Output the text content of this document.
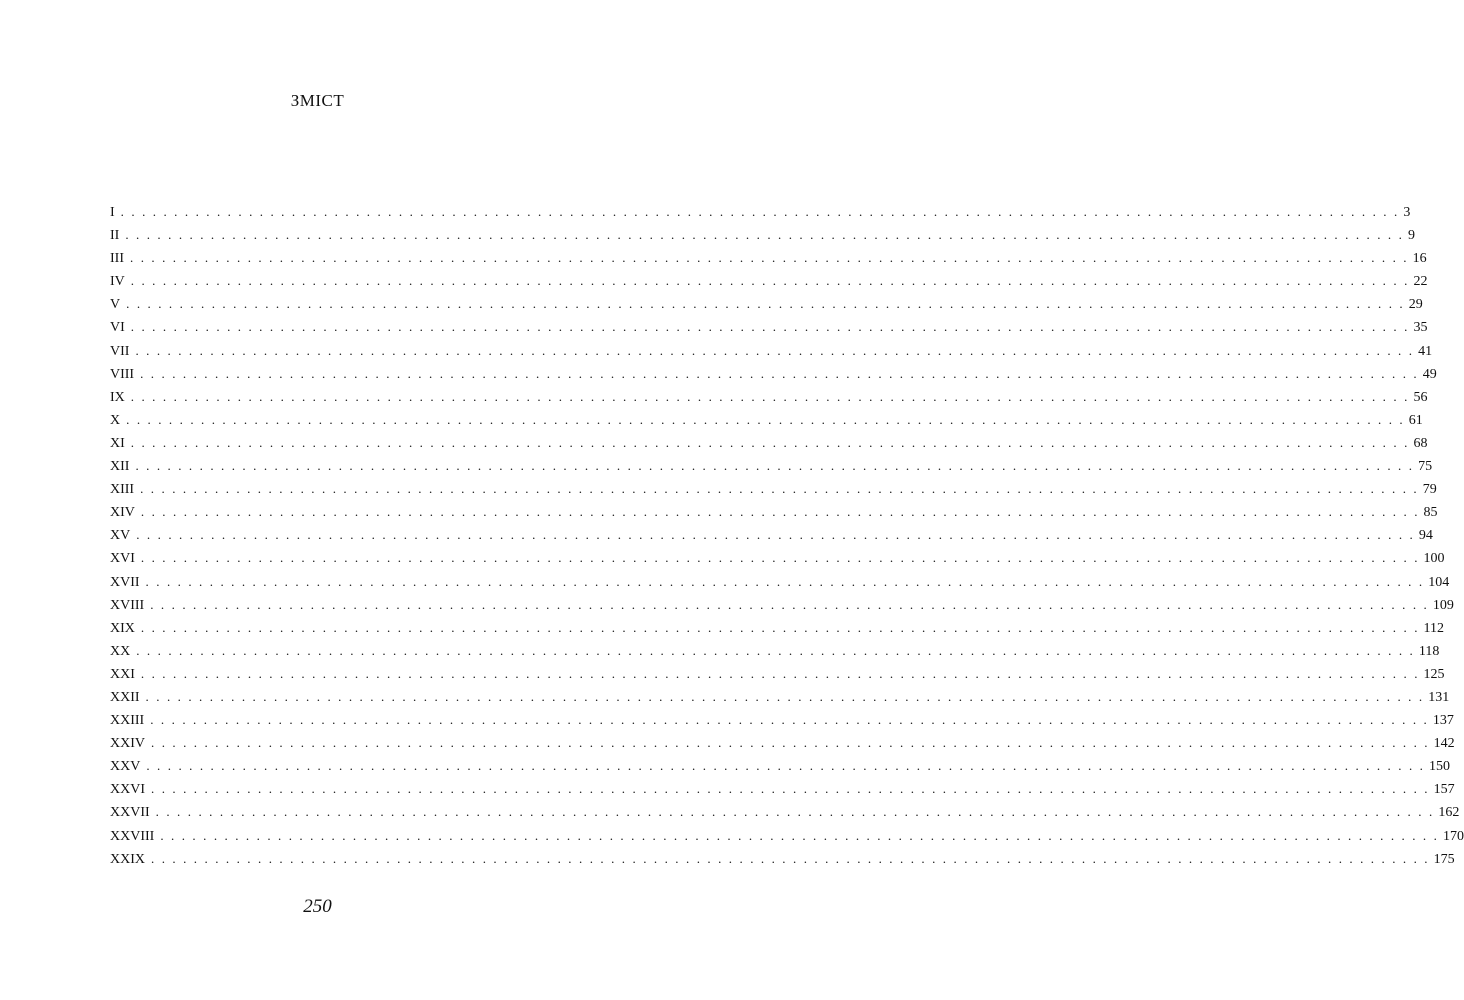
ЗМІСТ
I . . . . . . . . . . . . . . . . . . . . . . . . . . . . . . . . . . . . . . . . . . . . . . . . . . . . . . . . . . . . . . . . . . . . . . . . . . . . . . . . . . . . . . . . . . . . . . . . . . . . . . . . . . . . . . . . . . . . . . . . 3
II . . . . . . . . . . . . . . . . . . . . . . . . . . . . . . . . . . . . . . . . . . . . . . . . . . . . . . . . . . . . . . . . . . . . . . . . . . . . . . . . . . . . . . . . . . . . . . . . . . . . . . . . . . . . . . . . . . . . . . . . 9
III . . . . . . . . . . . . . . . . . . . . . . . . . . . . . . . . . . . . . . . . . . . . . . . . . . . . . . . . . . . . . . . . . . . . . . . . . . . . . . . . . . . . . . . . . . . . . . . . . . . . . . . . . . . . . . . . . . . . . . . . 16
IV . . . . . . . . . . . . . . . . . . . . . . . . . . . . . . . . . . . . . . . . . . . . . . . . . . . . . . . . . . . . . . . . . . . . . . . . . . . . . . . . . . . . . . . . . . . . . . . . . . . . . . . . . . . . . . . . . . . . . . . . 22
V . . . . . . . . . . . . . . . . . . . . . . . . . . . . . . . . . . . . . . . . . . . . . . . . . . . . . . . . . . . . . . . . . . . . . . . . . . . . . . . . . . . . . . . . . . . . . . . . . . . . . . . . . . . . . . . . . . . . . . . . 29
VI . . . . . . . . . . . . . . . . . . . . . . . . . . . . . . . . . . . . . . . . . . . . . . . . . . . . . . . . . . . . . . . . . . . . . . . . . . . . . . . . . . . . . . . . . . . . . . . . . . . . . . . . . . . . . . . . . . . . . . . . 35
VII . . . . . . . . . . . . . . . . . . . . . . . . . . . . . . . . . . . . . . . . . . . . . . . . . . . . . . . . . . . . . . . . . . . . . . . . . . . . . . . . . . . . . . . . . . . . . . . . . . . . . . . . . . . . . . . . . . . . . . . . 41
VIII . . . . . . . . . . . . . . . . . . . . . . . . . . . . . . . . . . . . . . . . . . . . . . . . . . . . . . . . . . . . . . . . . . . . . . . . . . . . . . . . . . . . . . . . . . . . . . . . . . . . . . . . . . . . . . . . . . . . . . . . 49
IX . . . . . . . . . . . . . . . . . . . . . . . . . . . . . . . . . . . . . . . . . . . . . . . . . . . . . . . . . . . . . . . . . . . . . . . . . . . . . . . . . . . . . . . . . . . . . . . . . . . . . . . . . . . . . . . . . . . . . . . . 56
X . . . . . . . . . . . . . . . . . . . . . . . . . . . . . . . . . . . . . . . . . . . . . . . . . . . . . . . . . . . . . . . . . . . . . . . . . . . . . . . . . . . . . . . . . . . . . . . . . . . . . . . . . . . . . . . . . . . . . . . . 61
XI . . . . . . . . . . . . . . . . . . . . . . . . . . . . . . . . . . . . . . . . . . . . . . . . . . . . . . . . . . . . . . . . . . . . . . . . . . . . . . . . . . . . . . . . . . . . . . . . . . . . . . . . . . . . . . . . . . . . . . . . 68
XII . . . . . . . . . . . . . . . . . . . . . . . . . . . . . . . . . . . . . . . . . . . . . . . . . . . . . . . . . . . . . . . . . . . . . . . . . . . . . . . . . . . . . . . . . . . . . . . . . . . . . . . . . . . . . . . . . . . . . . . . 75
XIII . . . . . . . . . . . . . . . . . . . . . . . . . . . . . . . . . . . . . . . . . . . . . . . . . . . . . . . . . . . . . . . . . . . . . . . . . . . . . . . . . . . . . . . . . . . . . . . . . . . . . . . . . . . . . . . . . . . . . . . . 79
XIV . . . . . . . . . . . . . . . . . . . . . . . . . . . . . . . . . . . . . . . . . . . . . . . . . . . . . . . . . . . . . . . . . . . . . . . . . . . . . . . . . . . . . . . . . . . . . . . . . . . . . . . . . . . . . . . . . . . . . . . . 85
XV . . . . . . . . . . . . . . . . . . . . . . . . . . . . . . . . . . . . . . . . . . . . . . . . . . . . . . . . . . . . . . . . . . . . . . . . . . . . . . . . . . . . . . . . . . . . . . . . . . . . . . . . . . . . . . . . . . . . . . . . 94
XVI . . . . . . . . . . . . . . . . . . . . . . . . . . . . . . . . . . . . . . . . . . . . . . . . . . . . . . . . . . . . . . . . . . . . . . . . . . . . . . . . . . . . . . . . . . . . . . . . . . . . . . . . . . . . . . . . . . . . . . . . 100
XVII . . . . . . . . . . . . . . . . . . . . . . . . . . . . . . . . . . . . . . . . . . . . . . . . . . . . . . . . . . . . . . . . . . . . . . . . . . . . . . . . . . . . . . . . . . . . . . . . . . . . . . . . . . . . . . . . . . . . . . . . 104
XVIII . . . . . . . . . . . . . . . . . . . . . . . . . . . . . . . . . . . . . . . . . . . . . . . . . . . . . . . . . . . . . . . . . . . . . . . . . . . . . . . . . . . . . . . . . . . . . . . . . . . . . . . . . . . . . . . . . . . . . . . . 109
XIX . . . . . . . . . . . . . . . . . . . . . . . . . . . . . . . . . . . . . . . . . . . . . . . . . . . . . . . . . . . . . . . . . . . . . . . . . . . . . . . . . . . . . . . . . . . . . . . . . . . . . . . . . . . . . . . . . . . . . . . . 112
XX . . . . . . . . . . . . . . . . . . . . . . . . . . . . . . . . . . . . . . . . . . . . . . . . . . . . . . . . . . . . . . . . . . . . . . . . . . . . . . . . . . . . . . . . . . . . . . . . . . . . . . . . . . . . . . . . . . . . . . . . 118
XXI . . . . . . . . . . . . . . . . . . . . . . . . . . . . . . . . . . . . . . . . . . . . . . . . . . . . . . . . . . . . . . . . . . . . . . . . . . . . . . . . . . . . . . . . . . . . . . . . . . . . . . . . . . . . . . . . . . . . . . . . 125
XXII . . . . . . . . . . . . . . . . . . . . . . . . . . . . . . . . . . . . . . . . . . . . . . . . . . . . . . . . . . . . . . . . . . . . . . . . . . . . . . . . . . . . . . . . . . . . . . . . . . . . . . . . . . . . . . . . . . . . . . . . 131
XXIII . . . . . . . . . . . . . . . . . . . . . . . . . . . . . . . . . . . . . . . . . . . . . . . . . . . . . . . . . . . . . . . . . . . . . . . . . . . . . . . . . . . . . . . . . . . . . . . . . . . . . . . . . . . . . . . . . . . . . . . . 137
XXIV . . . . . . . . . . . . . . . . . . . . . . . . . . . . . . . . . . . . . . . . . . . . . . . . . . . . . . . . . . . . . . . . . . . . . . . . . . . . . . . . . . . . . . . . . . . . . . . . . . . . . . . . . . . . . . . . . . . . . . . . 142
XXV . . . . . . . . . . . . . . . . . . . . . . . . . . . . . . . . . . . . . . . . . . . . . . . . . . . . . . . . . . . . . . . . . . . . . . . . . . . . . . . . . . . . . . . . . . . . . . . . . . . . . . . . . . . . . . . . . . . . . . . . 150
XXVI . . . . . . . . . . . . . . . . . . . . . . . . . . . . . . . . . . . . . . . . . . . . . . . . . . . . . . . . . . . . . . . . . . . . . . . . . . . . . . . . . . . . . . . . . . . . . . . . . . . . . . . . . . . . . . . . . . . . . . . . 157
XXVII . . . . . . . . . . . . . . . . . . . . . . . . . . . . . . . . . . . . . . . . . . . . . . . . . . . . . . . . . . . . . . . . . . . . . . . . . . . . . . . . . . . . . . . . . . . . . . . . . . . . . . . . . . . . . . . . . . . . . . . . 162
XXVIII . . . . . . . . . . . . . . . . . . . . . . . . . . . . . . . . . . . . . . . . . . . . . . . . . . . . . . . . . . . . . . . . . . . . . . . . . . . . . . . . . . . . . . . . . . . . . . . . . . . . . . . . . . . . . . . . . . . . . . . . 170
XXIX . . . . . . . . . . . . . . . . . . . . . . . . . . . . . . . . . . . . . . . . . . . . . . . . . . . . . . . . . . . . . . . . . . . . . . . . . . . . . . . . . . . . . . . . . . . . . . . . . . . . . . . . . . . . . . . . . . . . . . . . 175
250
